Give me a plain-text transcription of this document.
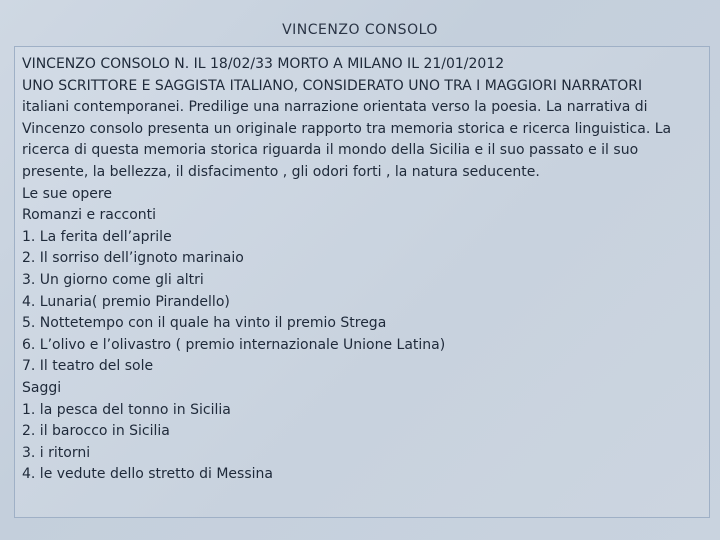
VINCENZO CONSOLO
VINCENZO CONSOLO N. IL 18/02/33 MORTO A MILANO IL 21/01/2012
UNO SCRITTORE E SAGGISTA ITALIANO, CONSIDERATO UNO TRA I MAGGIORI NARRATORI
italiani contemporanei. Predilige una narrazione orientata verso la poesia. La narrativa di
Vincenzo consolo presenta un originale rapporto tra memoria storica e ricerca linguistica. La
ricerca di questa memoria storica riguarda il mondo della Sicilia e il suo passato e il suo
presente, la bellezza, il disfacimento , gli odori forti , la natura seducente.
Le sue opere
Romanzi e racconti
1. La ferita dell’aprile
2. Il sorriso dell’ignoto marinaio
3. Un giorno come gli altri
4. Lunaria( premio Pirandello)
5. Nottetempo con il quale ha vinto il premio Strega
6. L’olivo e l’olivastro ( premio internazionale Unione Latina)
7. Il teatro del sole
Saggi
1. la pesca del tonno in Sicilia
2. il barocco in Sicilia
3. i ritorni
4. le vedute dello stretto di Messina
